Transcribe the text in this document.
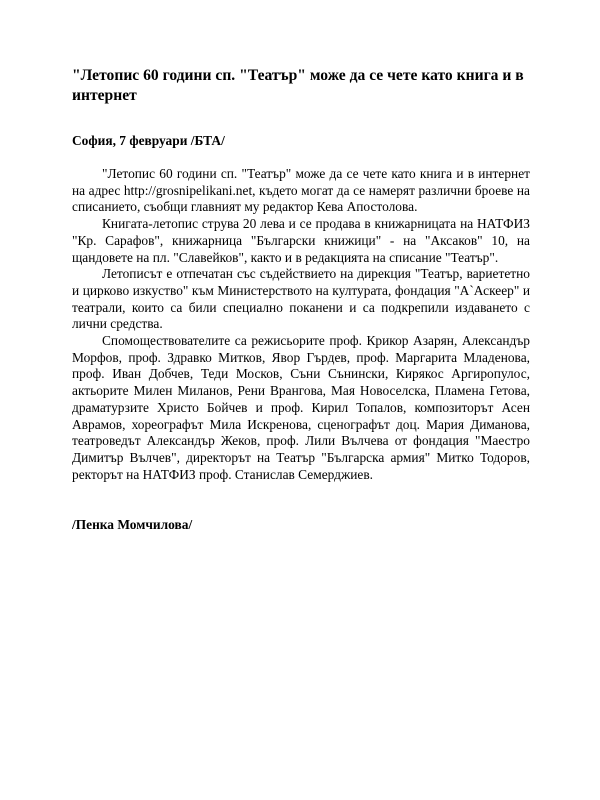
"Летопис 60 години сп. "Театър" може да се чете като книга и в интернет

София, 7 февруари /БТА/

"Летопис 60 години сп. "Театър" може да се чете като книга и в интернет на адрес http://grosnipelikani.net, където могат да се намерят различни броеве на списанието, съобщи главният му редактор Кева Апостолова.

Книгата-летопис струва 20 лева и се продава в книжарницата на НАТФИЗ "Кр. Сарафов", книжарница "Български книжици" - на "Аксаков" 10, на щандовете на пл. "Славейков", както и в редакцията на списание "Театър".

Летописът е отпечатан със съдействието на дирекция "Театър, вариететно и цирково изкуство" към Министерството на културата, фондация "А`Аскеер" и театрали, които са били специално поканени и са подкрепили издаването с лични средства.

Спомоществователите са режисьорите проф. Крикор Азарян, Александър Морфов, проф. Здравко Митков, Явор Гърдев, проф. Маргарита Младенова, проф. Иван Добчев, Теди Москов, Съни Сънински, Кирякос Аргиропулос, актьорите Милен Миланов, Рени Врангова, Мая Новоселска, Пламена Гетова, драматурзите Христо Бойчев и проф. Кирил Топалов, композиторът Асен Аврамов, хореографът Мила Искренова, сценографът доц. Мария Диманова, театроведът Александър Жеков, проф. Лили Вълчева от фондация "Маестро Димитър Вълчев", директорът на Театър "Българска армия" Митко Тодоров, ректорът на НАТФИЗ проф. Станислав Семерджиев.

/Пенка Момчилова/
